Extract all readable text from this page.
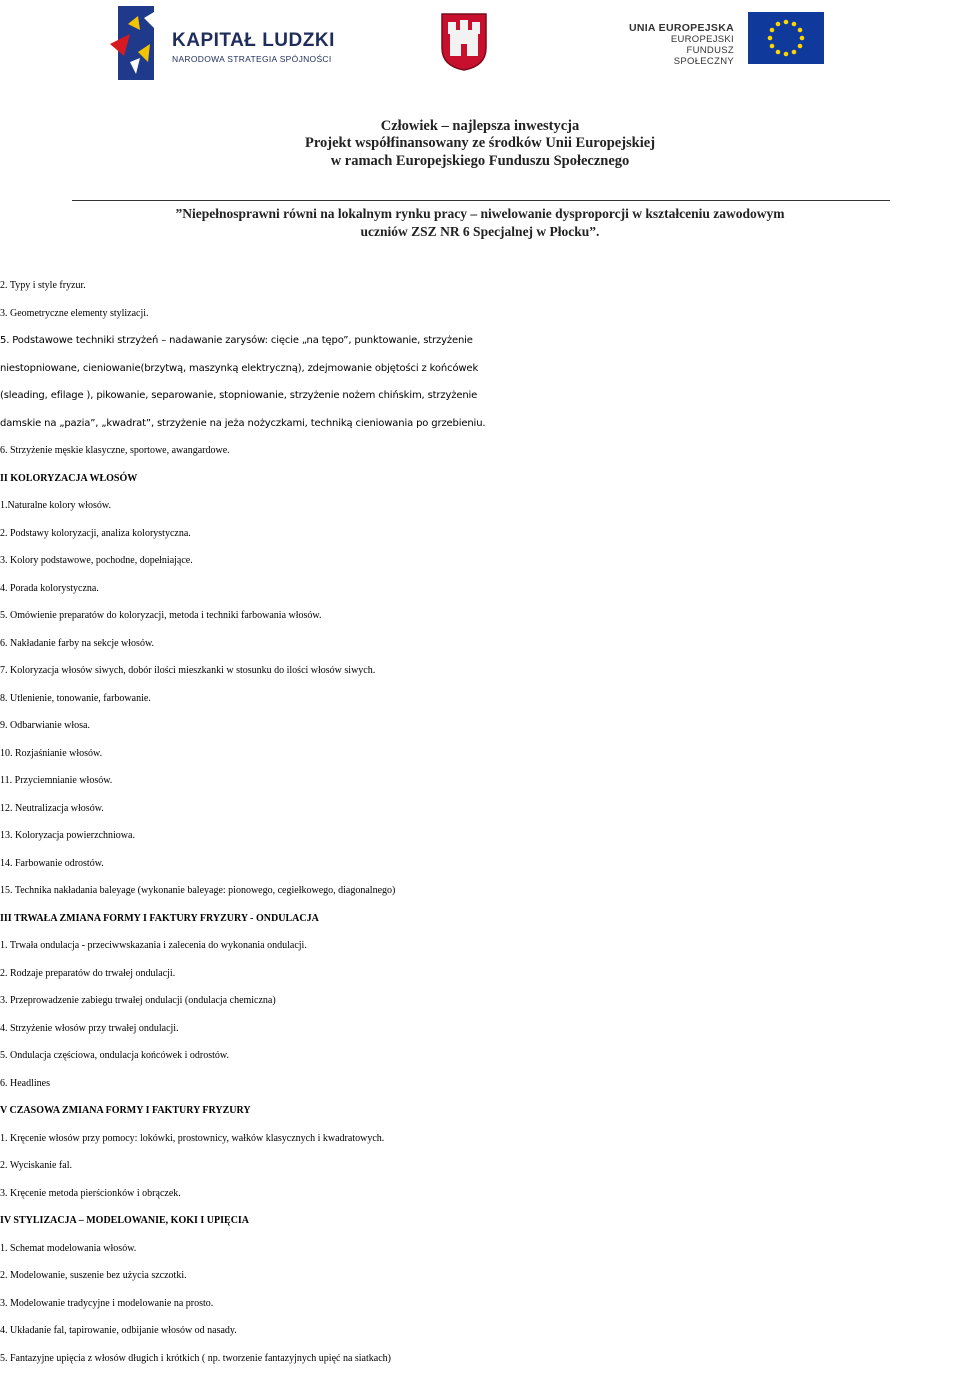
KAPITAŁ LUDZKI
NARODOWA STRATEGIA SPÓJNOŚCI
UNIA EUROPEJSKA
EUROPEJSKI
FUNDUSZ SPOŁECZNY
Człowiek – najlepsza inwestycja
Projekt współfinansowany ze środków Unii Europejskiej
w ramach Europejskiego Funduszu Społecznego
”Niepełnosprawni równi na lokalnym rynku pracy – niwelowanie dysproporcji w kształceniu zawodowym
uczniów ZSZ NR 6 Specjalnej w Płocku”.
2. Typy i style fryzur.
3. Geometryczne elementy stylizacji.
5. Podstawowe techniki strzyżeń – nadawanie zarysów: cięcie „na tępo”, punktowanie, strzyżenie
niestopniowane, cieniowanie(brzytwą, maszynką elektryczną), zdejmowanie objętości z końcówek
(sleading, efilage ), pikowanie, separowanie, stopniowanie, strzyżenie nożem chińskim, strzyżenie
damskie na „pazia”, „kwadrat”, strzyżenie na jeża nożyczkami, techniką cieniowania po grzebieniu.
6. Strzyżenie męskie klasyczne, sportowe, awangardowe.
II KOLORYZACJA WŁOSÓW
1.Naturalne kolory włosów.
2. Podstawy koloryzacji, analiza kolorystyczna.
3. Kolory podstawowe, pochodne, dopełniające.
4. Porada kolorystyczna.
5. Omówienie preparatów do koloryzacji, metoda i techniki farbowania włosów.
6. Nakładanie farby na sekcje włosów.
7. Koloryzacja włosów siwych, dobór ilości mieszkanki w stosunku do ilości włosów siwych.
8. Utlenienie, tonowanie, farbowanie.
9. Odbarwianie włosa.
10. Rozjaśnianie włosów.
11. Przyciemnianie włosów.
12. Neutralizacja włosów.
13. Koloryzacja powierzchniowa.
14. Farbowanie odrostów.
15. Technika nakładania baleyage (wykonanie baleyage: pionowego, cegiełkowego, diagonalnego)
III TRWAŁA ZMIANA FORMY I FAKTURY FRYZURY - ONDULACJA
1. Trwała ondulacja - przeciwwskazania i zalecenia do wykonania ondulacji.
2. Rodzaje preparatów do trwałej ondulacji.
3. Przeprowadzenie zabiegu trwałej ondulacji (ondulacja chemiczna)
4. Strzyżenie włosów przy trwałej ondulacji.
5. Ondulacja częściowa, ondulacja końcówek i odrostów.
6. Headlines
V CZASOWA ZMIANA FORMY I FAKTURY FRYZURY
1. Kręcenie włosów przy pomocy: lokówki, prostownicy, wałków klasycznych i kwadratowych.
2. Wyciskanie fal.
3. Kręcenie metoda pierścionków i obrączek.
IV STYLIZACJA – MODELOWANIE, KOKI I UPIĘCIA
1. Schemat modelowania włosów.
2. Modelowanie, suszenie bez użycia szczotki.
3. Modelowanie tradycyjne i modelowanie na prosto.
4. Układanie fal, tapirowanie, odbijanie włosów od nasady.
5. Fantazyjne upięcia z włosów długich i krótkich ( np. tworzenie fantazyjnych upięć na siatkach)
